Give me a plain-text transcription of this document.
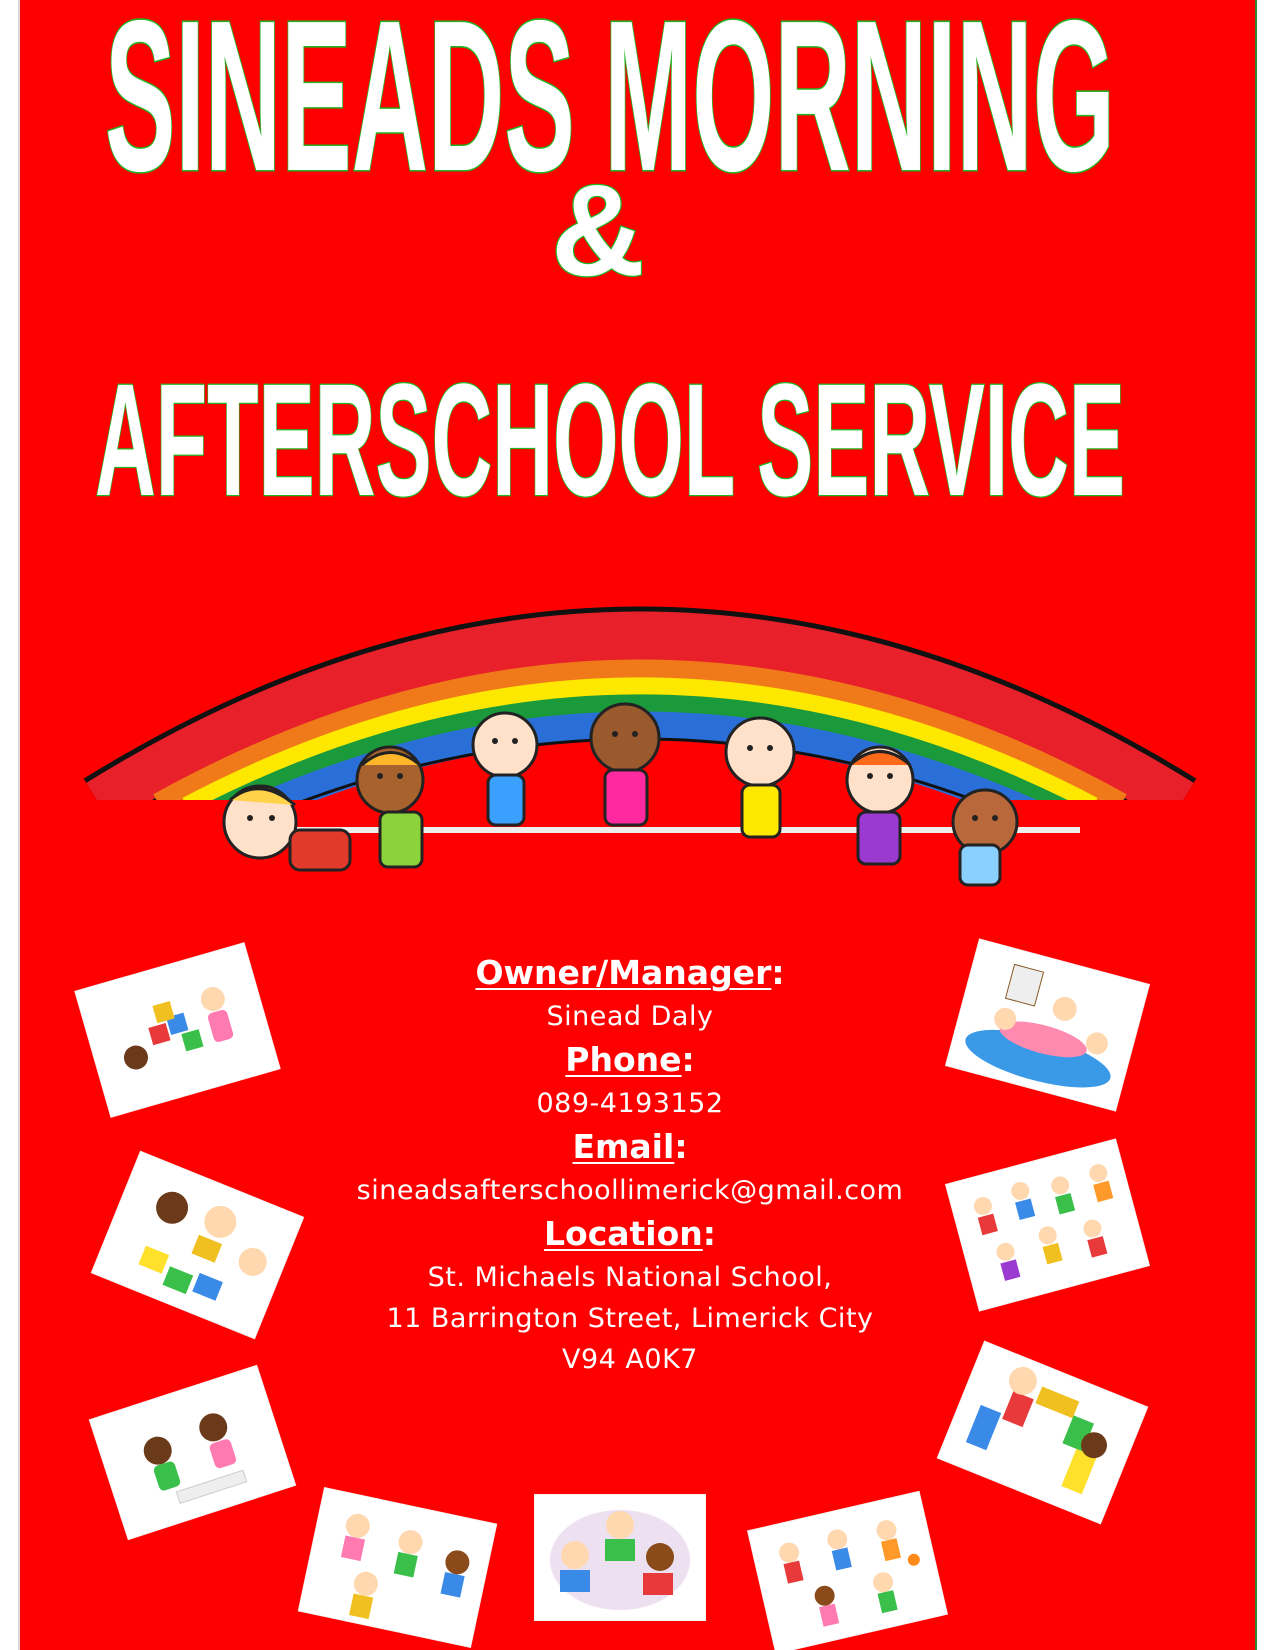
SINEADS MORNING
&
AFTERSCHOOL SERVICE
Owner/Manager:
Sinead Daly
Phone:
089-4193152
Email:
sineadsafterschoollimerick@gmail.com
Location:
St. Michaels National School,
11 Barrington Street, Limerick City
V94 A0K7
